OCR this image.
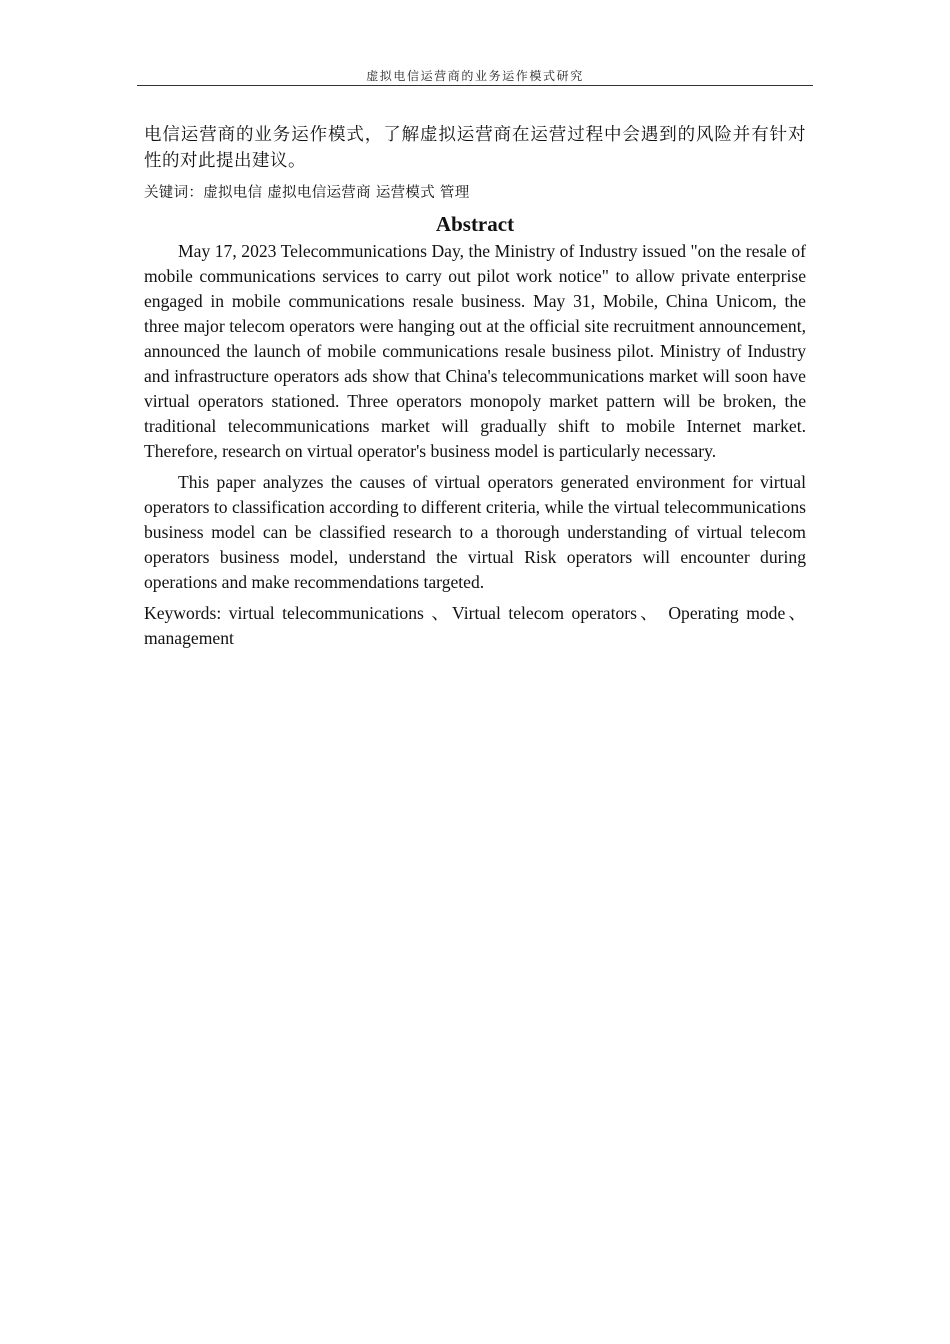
虚拟电信运营商的业务运作模式研究

电信运营商的业务运作模式，了解虚拟运营商在运营过程中会遇到的风险并有针对性的对此提出建议。

关键词：虚拟电信 虚拟电信运营商 运营模式 管理

Abstract

May 17, 2023 Telecommunications Day, the Ministry of Industry issued "on the resale of mobile communications services to carry out pilot work notice" to allow private enterprise engaged in mobile communications resale business. May 31, Mobile, China Unicom, the three major telecom operators were hanging out at the official site recruitment announcement, announced the launch of mobile communications resale business pilot. Ministry of Industry and infrastructure operators ads show that China's telecommunications market will soon have virtual operators stationed. Three operators monopoly market pattern will be broken, the traditional telecommunications market will gradually shift to mobile Internet market. Therefore, research on virtual operator's business model is particularly necessary.

This paper analyzes the causes of virtual operators generated environment for virtual operators to classification according to different criteria, while the virtual telecommunications business model can be classified research to a thorough understanding of virtual telecom operators business model, understand the virtual Risk operators will encounter during operations and make recommendations targeted.

Keywords: virtual telecommunications 、Virtual telecom operators、 Operating mode、 management
